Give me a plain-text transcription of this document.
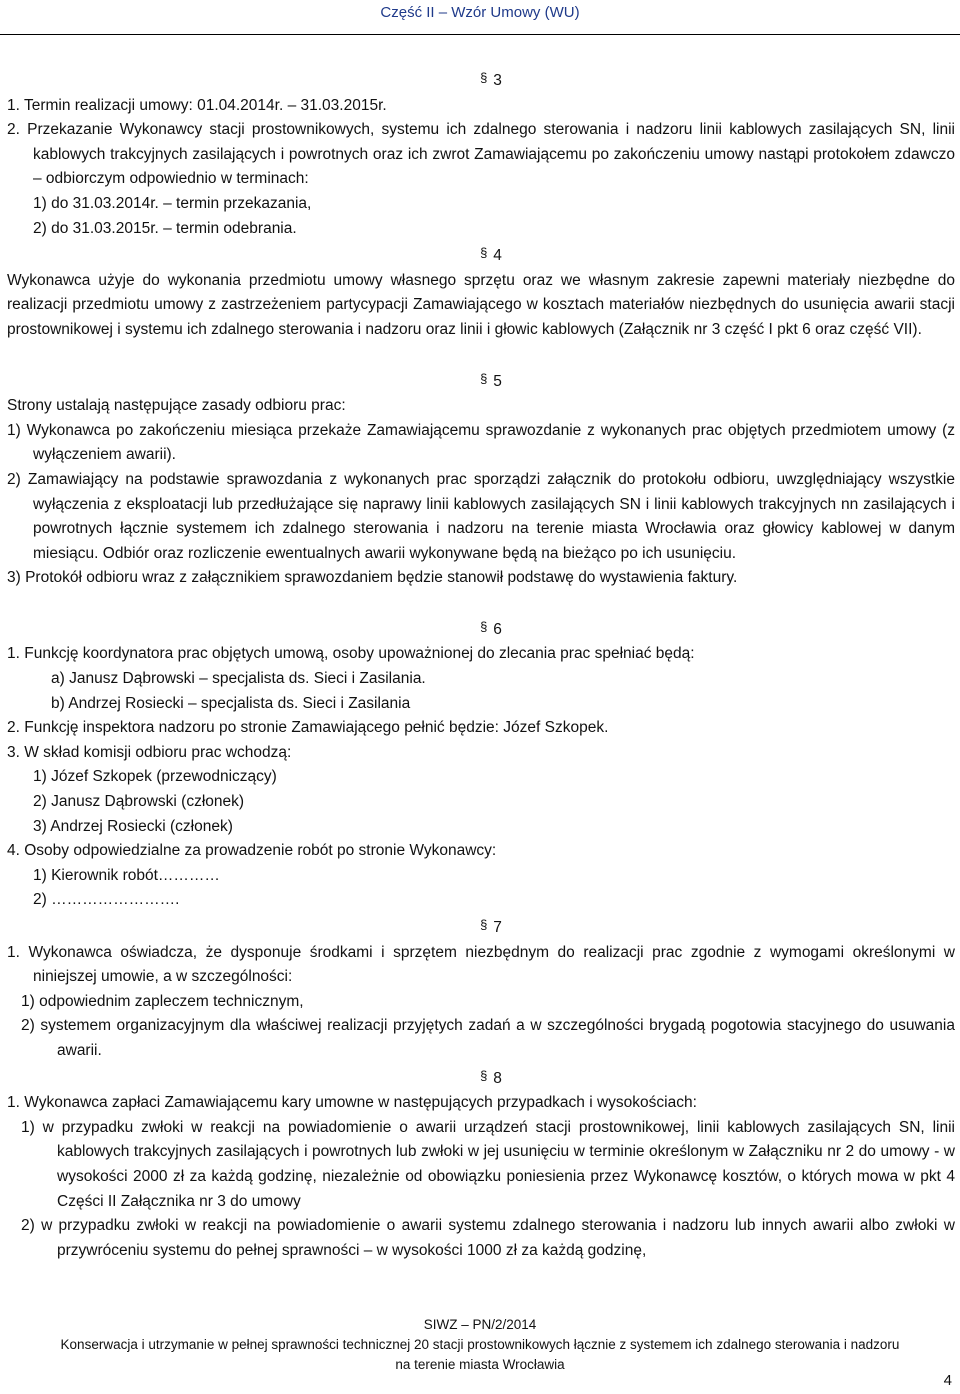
Część II – Wzór Umowy (WU)
§ 3

1. Termin realizacji umowy: 01.04.2014r. – 31.03.2015r.

2. Przekazanie Wykonawcy stacji prostownikowych, systemu ich zdalnego sterowania i nadzoru linii kablowych zasilających SN, linii kablowych trakcyjnych zasilających i powrotnych oraz ich zwrot Zamawiającemu po zakończeniu umowy nastąpi protokołem zdawczo – odbiorczym odpowiednio w terminach:

1) do 31.03.2014r. – termin przekazania,

2) do 31.03.2015r. – termin odebrania.

§ 4

Wykonawca użyje do wykonania przedmiotu umowy własnego sprzętu oraz we własnym zakresie zapewni materiały niezbędne do realizacji przedmiotu umowy z zastrzeżeniem partycypacji Zamawiającego w kosztach materiałów niezbędnych do usunięcia awarii stacji prostownikowej i systemu ich zdalnego sterowania i nadzoru oraz linii i głowic kablowych (Załącznik nr 3 część I pkt 6 oraz część VII).

§ 5

Strony ustalają następujące zasady odbioru prac:

1) Wykonawca po zakończeniu miesiąca przekaże Zamawiającemu sprawozdanie z wykonanych prac objętych przedmiotem umowy (z wyłączeniem awarii).

2) Zamawiający na podstawie sprawozdania z wykonanych prac sporządzi załącznik do protokołu odbioru, uwzględniający wszystkie wyłączenia z eksploatacji lub przedłużające się naprawy linii kablowych zasilających SN i linii kablowych trakcyjnych nn zasilających i powrotnych łącznie systemem ich zdalnego sterowania i nadzoru na terenie miasta Wrocławia oraz głowicy kablowej w danym miesiącu. Odbiór oraz rozliczenie ewentualnych awarii wykonywane będą na bieżąco po ich usunięciu.

3) Protokół odbioru wraz z załącznikiem sprawozdaniem będzie stanowił podstawę do wystawienia faktury.

§ 6

1. Funkcję koordynatora prac objętych umową, osoby upoważnionej do zlecania prac spełniać będą:

a) Janusz Dąbrowski – specjalista ds. Sieci i Zasilania.

b) Andrzej Rosiecki – specjalista ds. Sieci i Zasilania

2. Funkcję inspektora nadzoru po stronie Zamawiającego pełnić będzie: Józef Szkopek.

3. W skład komisji odbioru prac wchodzą:

1) Józef Szkopek (przewodniczący)

2) Janusz Dąbrowski (członek)

3) Andrzej Rosiecki (członek)

4. Osoby odpowiedzialne za prowadzenie robót po stronie Wykonawcy:

1) Kierownik robót…………

2) …………………….

§ 7

1. Wykonawca oświadcza, że dysponuje środkami i sprzętem niezbędnym do realizacji prac zgodnie z wymogami określonymi w niniejszej umowie, a w szczególności:

1) odpowiednim zapleczem technicznym,

2) systemem organizacyjnym dla właściwej realizacji przyjętych zadań a w szczególności brygadą pogotowia stacyjnego do usuwania awarii.

§ 8

1. Wykonawca zapłaci Zamawiającemu kary umowne w następujących przypadkach i wysokościach:

1) w przypadku zwłoki w reakcji na powiadomienie o awarii urządzeń stacji prostownikowej, linii kablowych zasilających SN, linii kablowych trakcyjnych zasilających i powrotnych lub zwłoki w jej usunięciu w terminie określonym w Załączniku nr 2 do umowy - w wysokości 2000 zł za każdą godzinę, niezależnie od obowiązku poniesienia przez Wykonawcę kosztów, o których mowa w pkt 4 Części II Załącznika nr 3 do umowy

2) w przypadku zwłoki w reakcji na powiadomienie o awarii systemu zdalnego sterowania i nadzoru lub innych awarii albo zwłoki w przywróceniu systemu do pełnej sprawności – w wysokości 1000 zł za każdą godzinę,

SIWZ – PN/2/2014
Konserwacja i utrzymanie w pełnej sprawności technicznej 20 stacji prostownikowych łącznie z systemem ich zdalnego sterowania i nadzoru
na terenie miasta Wrocławia
4
